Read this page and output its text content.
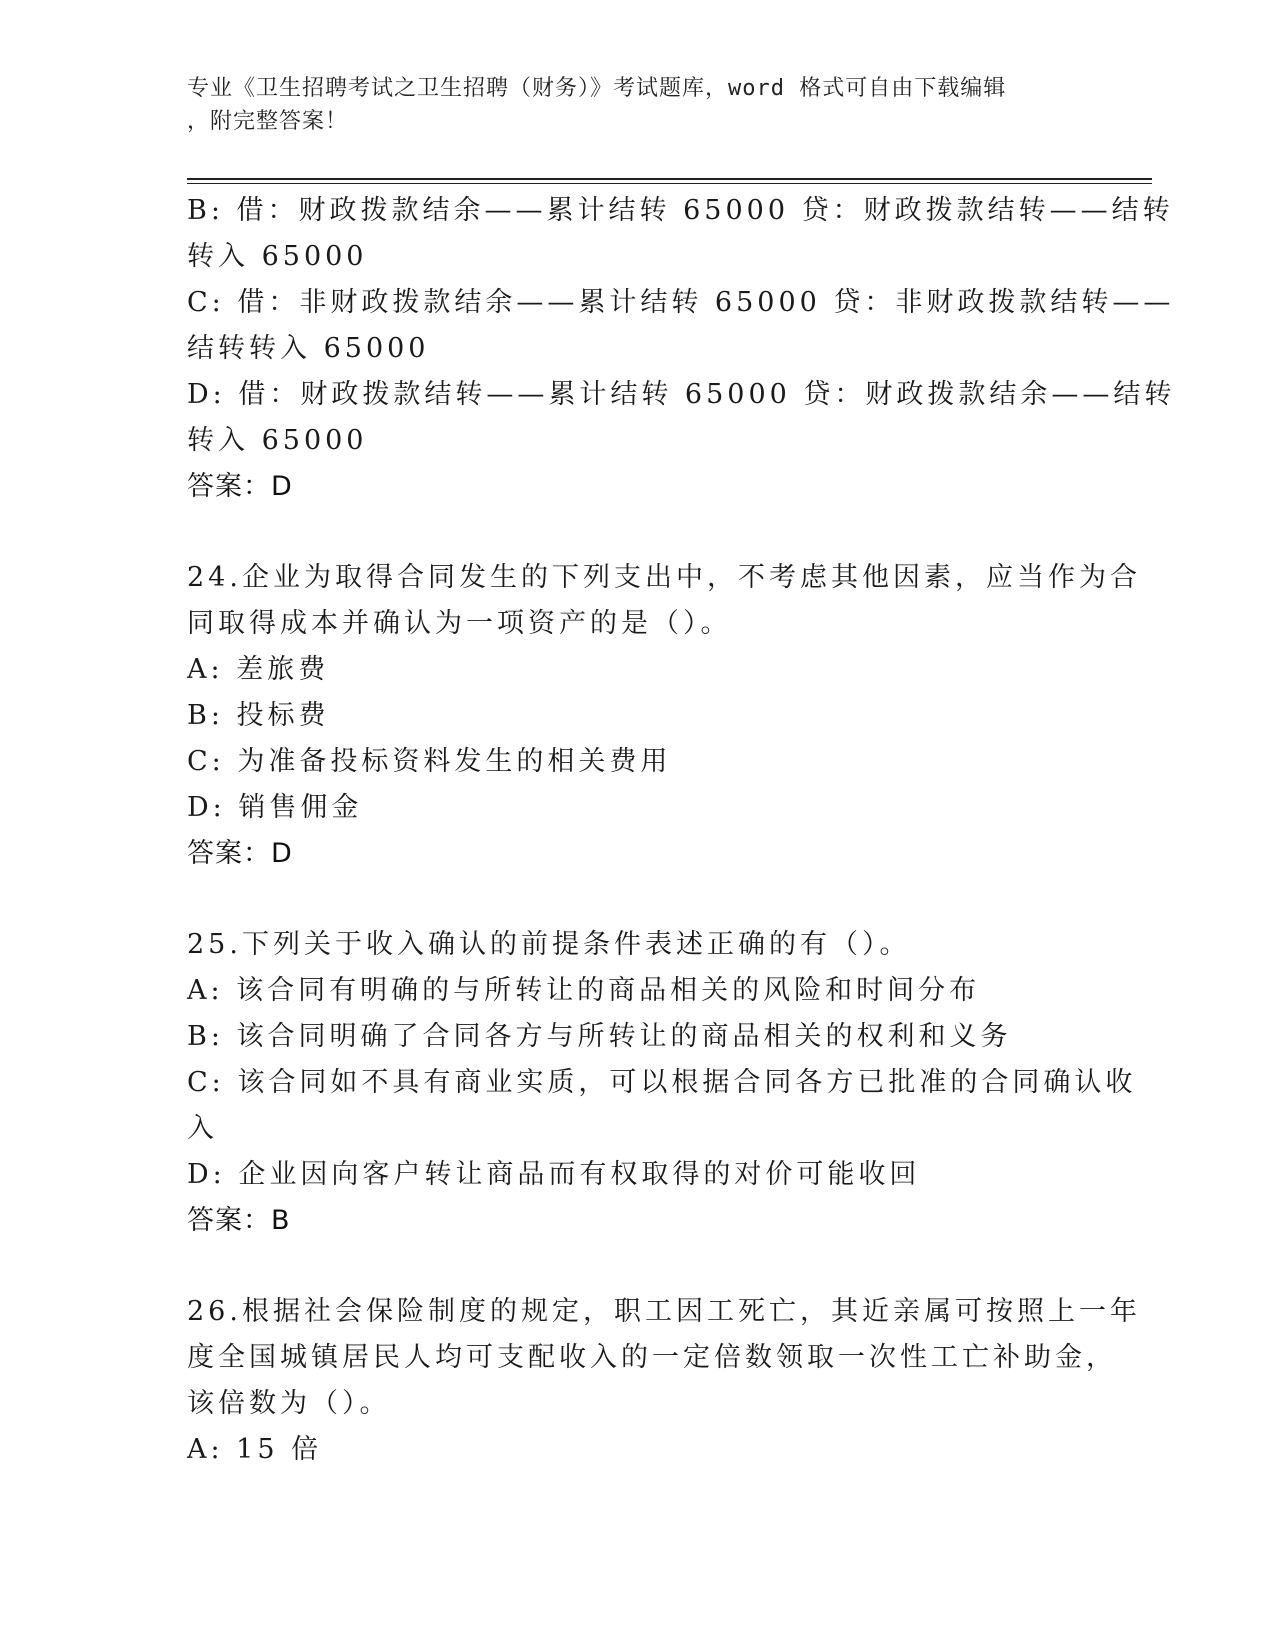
专业《卫生招聘考试之卫生招聘（财务）》考试题库，word 格式可自由下载编辑
，附完整答案！
B: 借：财政拨款结余——累计结转 65000 贷：财政拨款结转——结转
转入 65000
C: 借：非财政拨款结余——累计结转 65000 贷：非财政拨款结转——
结转转入 65000
D: 借：财政拨款结转——累计结转 65000 贷：财政拨款结余——结转
转入 65000
答案：D
24.企业为取得合同发生的下列支出中，不考虑其他因素，应当作为合
同取得成本并确认为一项资产的是（）。
A: 差旅费
B: 投标费
C: 为准备投标资料发生的相关费用
D: 销售佣金
答案：D
25.下列关于收入确认的前提条件表述正确的有（）。
A: 该合同有明确的与所转让的商品相关的风险和时间分布
B: 该合同明确了合同各方与所转让的商品相关的权利和义务
C: 该合同如不具有商业实质，可以根据合同各方已批准的合同确认收
入
D: 企业因向客户转让商品而有权取得的对价可能收回
答案：B
26.根据社会保险制度的规定，职工因工死亡，其近亲属可按照上一年
度全国城镇居民人均可支配收入的一定倍数领取一次性工亡补助金，
该倍数为（）。
A: 15 倍
